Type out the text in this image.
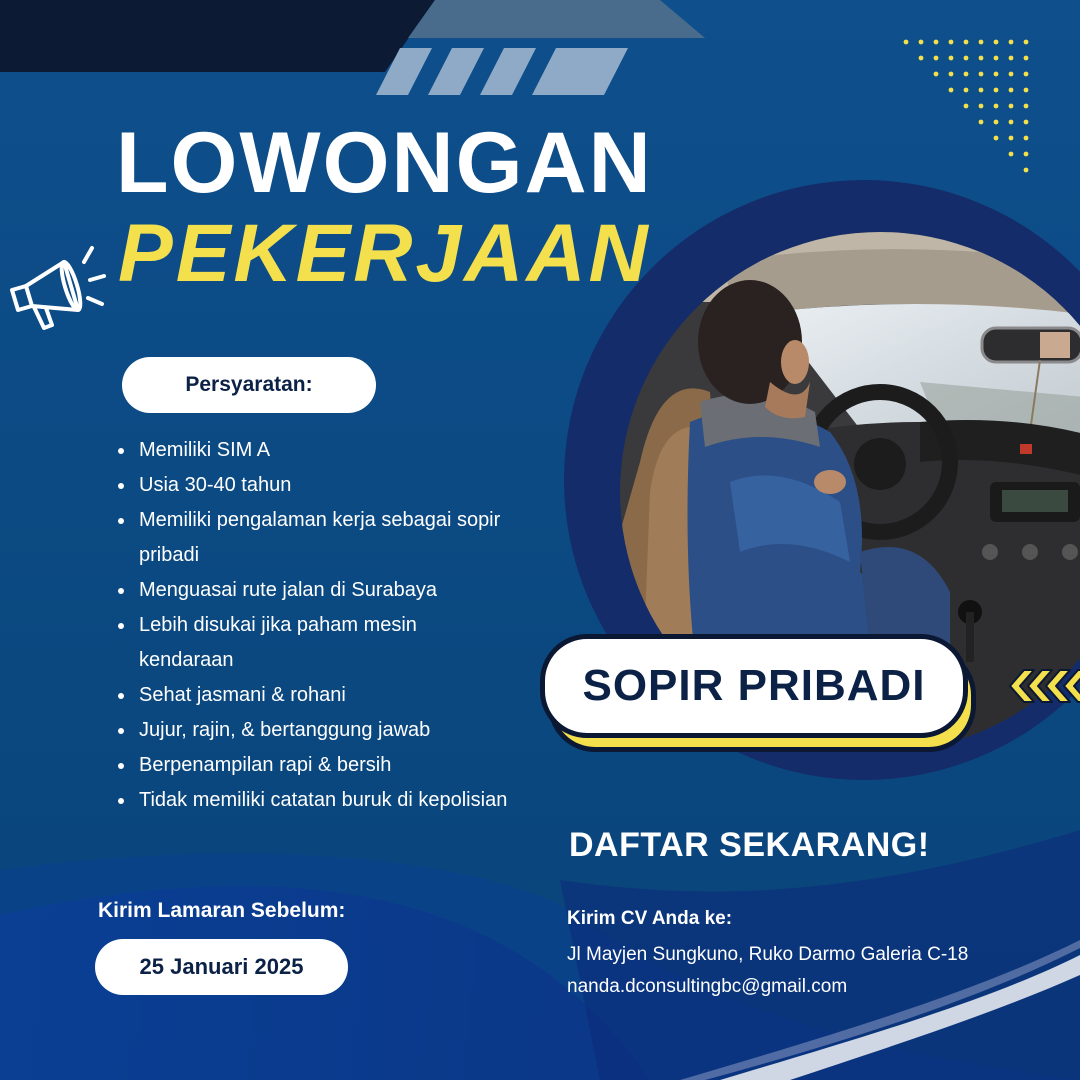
LOWONGAN
PEKERJAAN
Persyaratan:
Memiliki SIM A
Usia 30-40 tahun
Memiliki pengalaman kerja sebagai sopir pribadi
Menguasai rute jalan di Surabaya
Lebih disukai jika paham mesin kendaraan
Sehat jasmani & rohani
Jujur, rajin, & bertanggung jawab
Berpenampilan rapi & bersih
Tidak memiliki catatan buruk di kepolisian
Kirim Lamaran Sebelum:
25 Januari 2025
SOPIR PRIBADI
DAFTAR SEKARANG!
Kirim CV Anda ke:
Jl Mayjen Sungkuno, Ruko Darmo Galeria C-18
nanda.dconsultingbc@gmail.com
